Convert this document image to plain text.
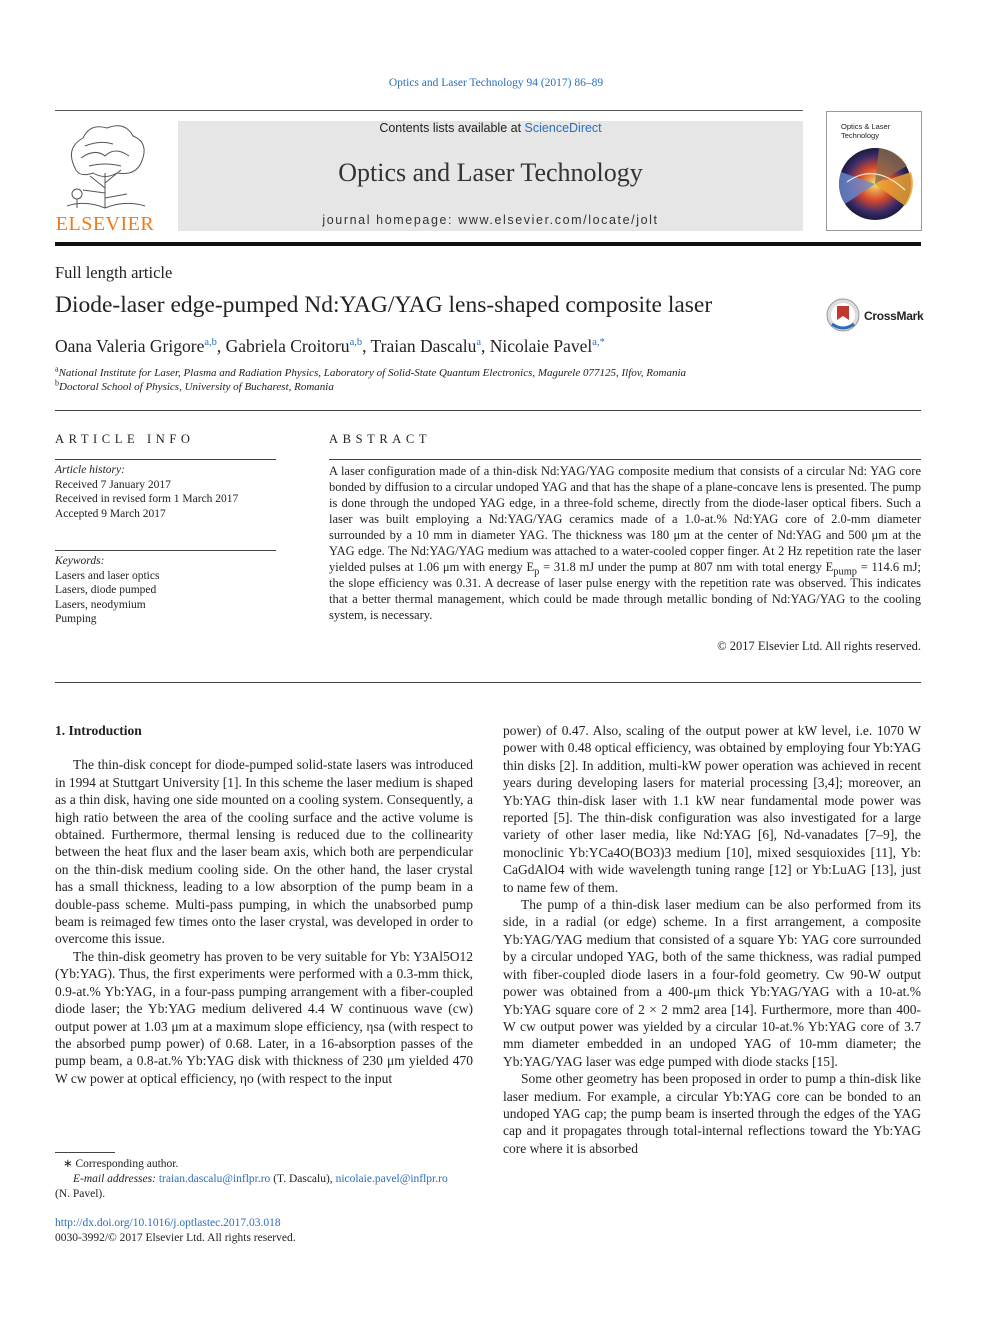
Optics and Laser Technology 94 (2017) 86–89
ELSEVIER
Contents lists available at ScienceDirect
Optics and Laser Technology
journal homepage: www.elsevier.com/locate/jolt
Optics & Laser
Technology
Full length article
Diode-laser edge-pumped Nd:YAG/YAG lens-shaped composite laser	CrossMark
Oana Valeria Grigore$^{a,b}$, Gabriela Croitoru$^{a,b}$, Traian Dascalu$^a$, Nicolaie Pavel$^{a,*}$
$^a$National Institute for Laser, Plasma and Radiation Physics, Laboratory of Solid-State Quantum Electronics, Magurele 077125, Ilfov, Romania
$^b$Doctoral School of Physics, University of Bucharest, Romania
ARTICLE INFO
Article history:
Received 7 January 2017
Received in revised form 1 March 2017
Accepted 9 March 2017
Keywords:
Lasers and laser optics
Lasers, diode pumped
Lasers, neodymium
Pumping
ABSTRACT
A laser configuration made of a thin-disk Nd:YAG/YAG composite medium that consists of a circular Nd: YAG core bonded by diffusion to a circular undoped YAG and that has the shape of a plane-concave lens is presented. The pump is done through the undoped YAG edge, in a three-fold scheme, directly from the diode-laser optical fibers. Such a laser was built employing a Nd:YAG/YAG ceramics made of a 1.0-at.% Nd:YAG core of 2.0-mm diameter surrounded by a 10 mm in diameter YAG. The thickness was 180 μm at the center of Nd:YAG and 500 μm at the YAG edge. The Nd:YAG/YAG medium was attached to a water-cooled copper finger. At 2 Hz repetition rate the laser yielded pulses at 1.06 μm with energy $E_p = 31.8$ mJ under the pump at 807 nm with total energy $E_{pump} = 114.6$ mJ; the slope efficiency was 0.31. A decrease of laser pulse energy with the repetition rate was observed. This indicates that a better thermal management, which could be made through metallic bonding of Nd:YAG/YAG to the cooling system, is necessary.
© 2017 Elsevier Ltd. All rights reserved.
1. Introduction

The thin-disk concept for diode-pumped solid-state lasers was introduced in 1994 at Stuttgart University [1]. In this scheme the laser medium is shaped as a thin disk, having one side mounted on a cooling system. Consequently, a high ratio between the area of the cooling surface and the active volume is obtained. Furthermore, thermal lensing is reduced due to the collinearity between the heat flux and the laser beam axis, which both are perpendicular on the thin-disk medium cooling side. On the other hand, the laser crystal has a small thickness, leading to a low absorption of the pump beam in a double-pass scheme. Multi-pass pumping, in which the unabsorbed pump beam is reimaged few times onto the laser crystal, was developed in order to overcome this issue.

The thin-disk geometry has proven to be very suitable for Yb: Y3Al5O12 (Yb:YAG). Thus, the first experiments were performed with a 0.3-mm thick, 0.9-at.% Yb:YAG, in a four-pass pumping arrangement with a fiber-coupled diode laser; the Yb:YAG medium delivered 4.4 W continuous wave (cw) output power at 1.03 μm at a maximum slope efficiency, ηsa (with respect to the absorbed pump power) of 0.68. Later, in a 16-absorption passes of the pump beam, a 0.8-at.% Yb:YAG disk with thickness of 230 μm yielded 470 W cw power at optical efficiency, ηo (with respect to the input

power) of 0.47. Also, scaling of the output power at kW level, i.e. 1070 W power with 0.48 optical efficiency, was obtained by employing four Yb:YAG thin disks [2]. In addition, multi-kW power operation was achieved in recent years during developing lasers for material processing [3,4]; moreover, an Yb:YAG thin-disk laser with 1.1 kW near fundamental mode power was reported [5]. The thin-disk configuration was also investigated for a large variety of other laser media, like Nd:YAG [6], Nd-vanadates [7–9], the monoclinic Yb:YCa4O(BO3)3 medium [10], mixed sesquioxides [11], Yb: CaGdAlO4 with wide wavelength tuning range [12] or Yb:LuAG [13], just to name few of them.

The pump of a thin-disk laser medium can be also performed from its side, in a radial (or edge) scheme. In a first arrangement, a composite Yb:YAG/YAG medium that consisted of a square Yb: YAG core surrounded by a circular undoped YAG, both of the same thickness, was radial pumped with fiber-coupled diode lasers in a four-fold geometry. Cw 90-W output power was obtained from a 400-μm thick Yb:YAG/YAG with a 10-at.% Yb:YAG square core of 2 × 2 mm2 area [14]. Furthermore, more than 400-W cw output power was yielded by a circular 10-at.% Yb:YAG core of 3.7 mm diameter embedded in an undoped YAG of 10-mm diameter; the Yb:YAG/YAG laser was edge pumped with diode stacks [15].

Some other geometry has been proposed in order to pump a thin-disk like laser medium. For example, a circular Yb:YAG core can be bonded to an undoped YAG cap; the pump beam is inserted through the edges of the YAG cap and it propagates through total-internal reflections toward the Yb:YAG core where it is absorbed

∗ Corresponding author.
E-mail addresses: traian.dascalu@inflpr.ro (T. Dascalu), nicolaie.pavel@inflpr.ro
(N. Pavel).
http://dx.doi.org/10.1016/j.optlastec.2017.03.018
0030-3992/© 2017 Elsevier Ltd. All rights reserved.
